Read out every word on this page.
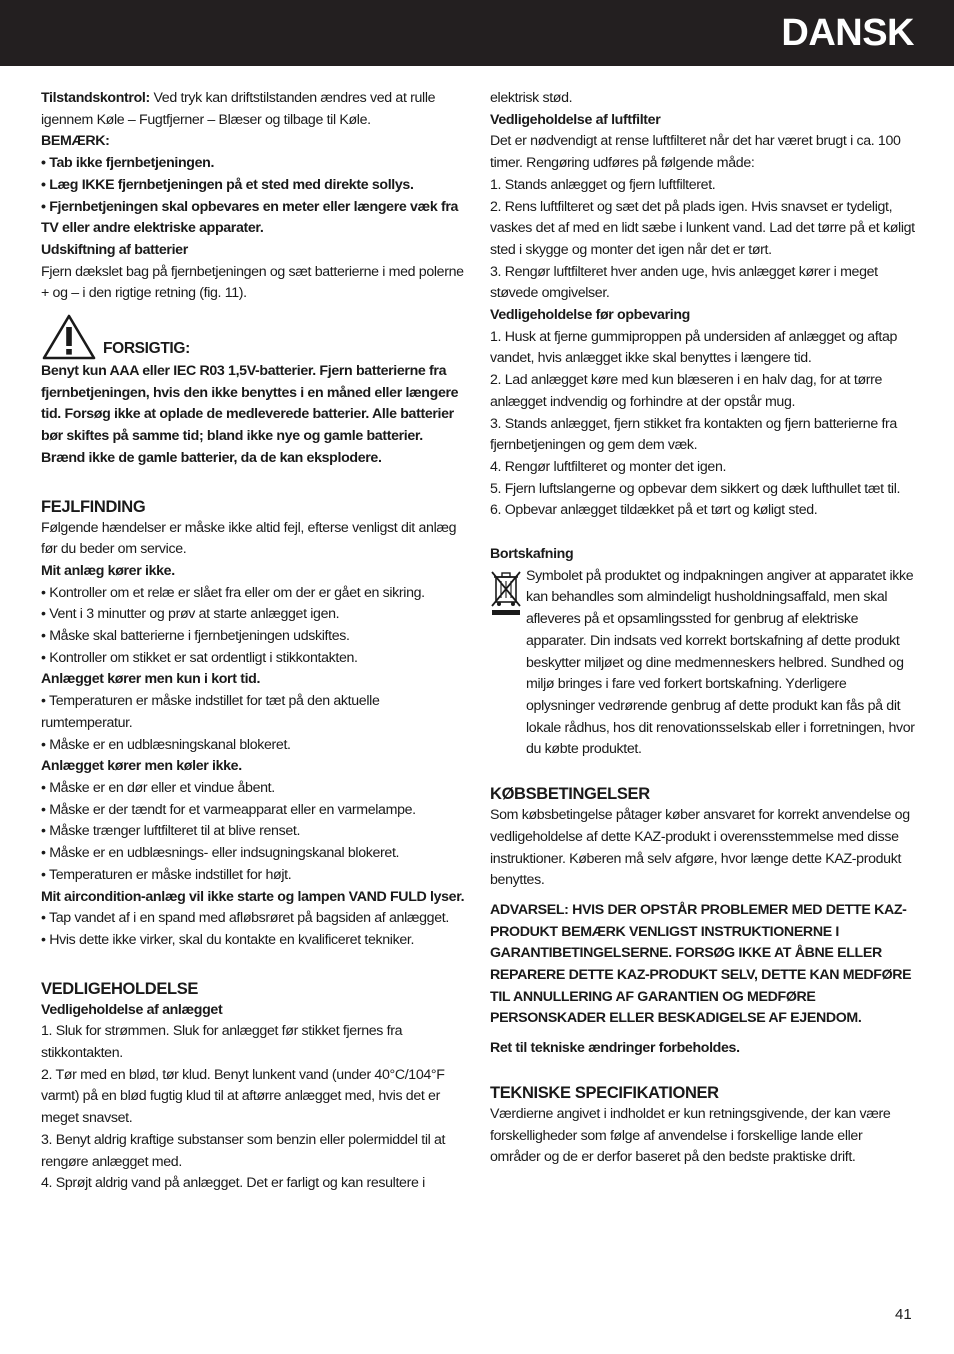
DANSK

Tilstandskontrol: Ved tryk kan driftstilstanden ændres ved at rulle igennem Køle – Fugtfjerner – Blæser og tilbage til Køle.

BEMÆRK:

• Tab ikke fjernbetjeningen.

• Læg IKKE fjernbetjeningen på et sted med direkte sollys.

• Fjernbetjeningen skal opbevares en meter eller længere væk fra TV eller andre elektriske apparater.

Udskiftning af batterier

Fjern dækslet bag på fjernbetjeningen og sæt batterierne i med polerne + og – i den rigtige retning (fig. 11).

FORSIGTIG:

Benyt kun AAA eller IEC R03 1,5V-batterier. Fjern batterierne fra fjernbetjeningen, hvis den ikke benyttes i en måned eller længere tid. Forsøg ikke at oplade de medleverede batterier. Alle batterier bør skiftes på samme tid; bland ikke nye og gamle batterier. Brænd ikke de gamle batterier, da de kan eksplodere.

FEJLFINDING

Følgende hændelser er måske ikke altid fejl, efterse venligst dit anlæg før du beder om service.

Mit anlæg kører ikke.

• Kontroller om et relæ er slået fra eller om der er gået en sikring.

• Vent i 3 minutter og prøv at starte anlægget igen.

• Måske skal batterierne i fjernbetjeningen udskiftes.

• Kontroller om stikket er sat ordentligt i stikkontakten.

Anlægget kører men kun i kort tid.

• Temperaturen er måske indstillet for tæt på den aktuelle rumtemperatur.

• Måske er en udblæsningskanal blokeret.

Anlægget kører men køler ikke.

• Måske er en dør eller et vindue åbent.

• Måske er der tændt for et varmeapparat eller en varmelampe.

• Måske trænger luftfilteret til at blive renset.

• Måske er en udblæsnings- eller indsugningskanal blokeret.

• Temperaturen er måske indstillet for højt.

Mit aircondition-anlæg vil ikke starte og lampen VAND FULD lyser.

• Tap vandet af i en spand med afløbsrøret på bagsiden af anlægget.

• Hvis dette ikke virker, skal du kontakte en kvalificeret tekniker.

VEDLIGEHOLDELSE

Vedligeholdelse af anlægget

1. Sluk for strømmen. Sluk for anlægget før stikket fjernes fra stikkontakten.

2. Tør med en blød, tør klud. Benyt lunkent vand (under 40°C/104°F varmt) på en blød fugtig klud til at aftørre anlægget med, hvis det er meget snavset.

3. Benyt aldrig kraftige substanser som benzin eller polermiddel til at rengøre anlægget med.

4. Sprøjt aldrig vand på anlægget. Det er farligt og kan resultere i

elektrisk stød.

Vedligeholdelse af luftfilter

Det er nødvendigt at rense luftfilteret når det har været brugt i ca. 100 timer. Rengøring udføres på følgende måde:

1. Stands anlægget og fjern luftfilteret.

2. Rens luftfilteret og sæt det på plads igen. Hvis snavset er tydeligt, vaskes det af med en lidt sæbe i lunkent vand. Lad det tørre på et køligt sted i skygge og monter det igen når det er tørt.

3. Rengør luftfilteret hver anden uge, hvis anlægget kører i meget støvede omgivelser.

Vedligeholdelse før opbevaring

1. Husk at fjerne gummiproppen på undersiden af anlægget og aftap vandet, hvis anlægget ikke skal benyttes i længere tid.

2. Lad anlægget køre med kun blæseren i en halv dag, for at tørre anlægget indvendig og forhindre at der opstår mug.

3. Stands anlægget, fjern stikket fra kontakten og fjern batterierne fra fjernbetjeningen og gem dem væk.

4. Rengør luftfilteret og monter det igen.

5. Fjern luftslangerne og opbevar dem sikkert og dæk lufthullet tæt til.

6. Opbevar anlægget tildækket på et tørt og køligt sted.

Bortskafning

Symbolet på produktet og indpakningen angiver at apparatet ikke kan behandles som almindeligt husholdningsaffald, men skal afleveres på et opsamlingssted for genbrug af elektriske apparater. Din indsats ved korrekt bortskafning af dette produkt beskytter miljøet og dine medmenneskers helbred. Sundhed og miljø bringes i fare ved forkert bortskafning. Yderligere oplysninger vedrørende genbrug af dette produkt kan fås på dit lokale rådhus, hos dit renovationsselskab eller i forretningen, hvor du købte produktet.

KØBSBETINGELSER

Som købsbetingelse påtager køber ansvaret for korrekt anvendelse og vedligeholdelse af dette KAZ-produkt i overensstemmelse med disse instruktioner. Køberen må selv afgøre, hvor længe dette KAZ-produkt benyttes.

ADVARSEL: HVIS DER OPSTÅR PROBLEMER MED DETTE KAZ-PRODUKT BEMÆRK VENLIGST INSTRUKTIONERNE I GARANTIBETINGELSERNE. FORSØG IKKE AT ÅBNE ELLER REPARERE DETTE KAZ-PRODUKT SELV, DETTE KAN MEDFØRE TIL ANNULLERING AF GARANTIEN OG MEDFØRE PERSONSKADER ELLER BESKADIGELSE AF EJENDOM.

Ret til tekniske ændringer forbeholdes.

TEKNISKE SPECIFIKATIONER

Værdierne angivet i indholdet er kun retningsgivende, der kan være forskelligheder som følge af anvendelse i forskellige lande eller områder og de er derfor baseret på den bedste praktiske drift.

41
